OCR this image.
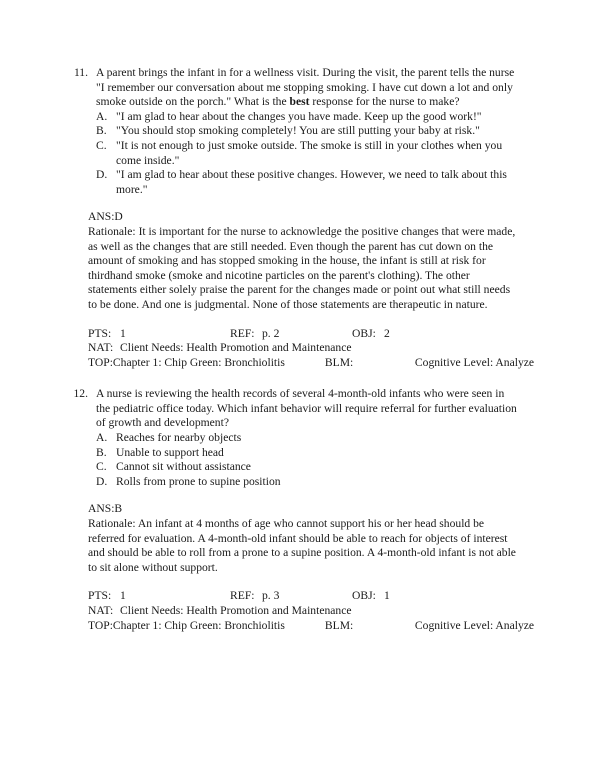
11. A parent brings the infant in for a wellness visit. During the visit, the parent tells the nurse "I remember our conversation about me stopping smoking. I have cut down a lot and only smoke outside on the porch." What is the best response for the nurse to make?
A. "I am glad to hear about the changes you have made. Keep up the good work!"
B. "You should stop smoking completely! You are still putting your baby at risk."
C. "It is not enough to just smoke outside. The smoke is still in your clothes when you come inside."
D. "I am glad to hear about these positive changes. However, we need to talk about this more."
ANS:D
Rationale: It is important for the nurse to acknowledge the positive changes that were made, as well as the changes that are still needed. Even though the parent has cut down on the amount of smoking and has stopped smoking in the house, the infant is still at risk for thirdhand smoke (smoke and nicotine particles on the parent's clothing). The other statements either solely praise the parent for the changes made or point out what still needs to be done. And one is judgmental. None of those statements are therapeutic in nature.
PTS: 1	REF: p. 2	OBJ: 2
NAT: Client Needs: Health Promotion and Maintenance
TOP: Chapter 1: Chip Green: Bronchiolitis	BLM:	Cognitive Level: Analyze
12. A nurse is reviewing the health records of several 4-month-old infants who were seen in the pediatric office today. Which infant behavior will require referral for further evaluation of growth and development?
A. Reaches for nearby objects
B. Unable to support head
C. Cannot sit without assistance
D. Rolls from prone to supine position
ANS:B
Rationale: An infant at 4 months of age who cannot support his or her head should be referred for evaluation. A 4-month-old infant should be able to reach for objects of interest and should be able to roll from a prone to a supine position. A 4-month-old infant is not able to sit alone without support.
PTS: 1	REF: p. 3	OBJ: 1
NAT: Client Needs: Health Promotion and Maintenance
TOP: Chapter 1: Chip Green: Bronchiolitis	BLM:	Cognitive Level: Analyze
